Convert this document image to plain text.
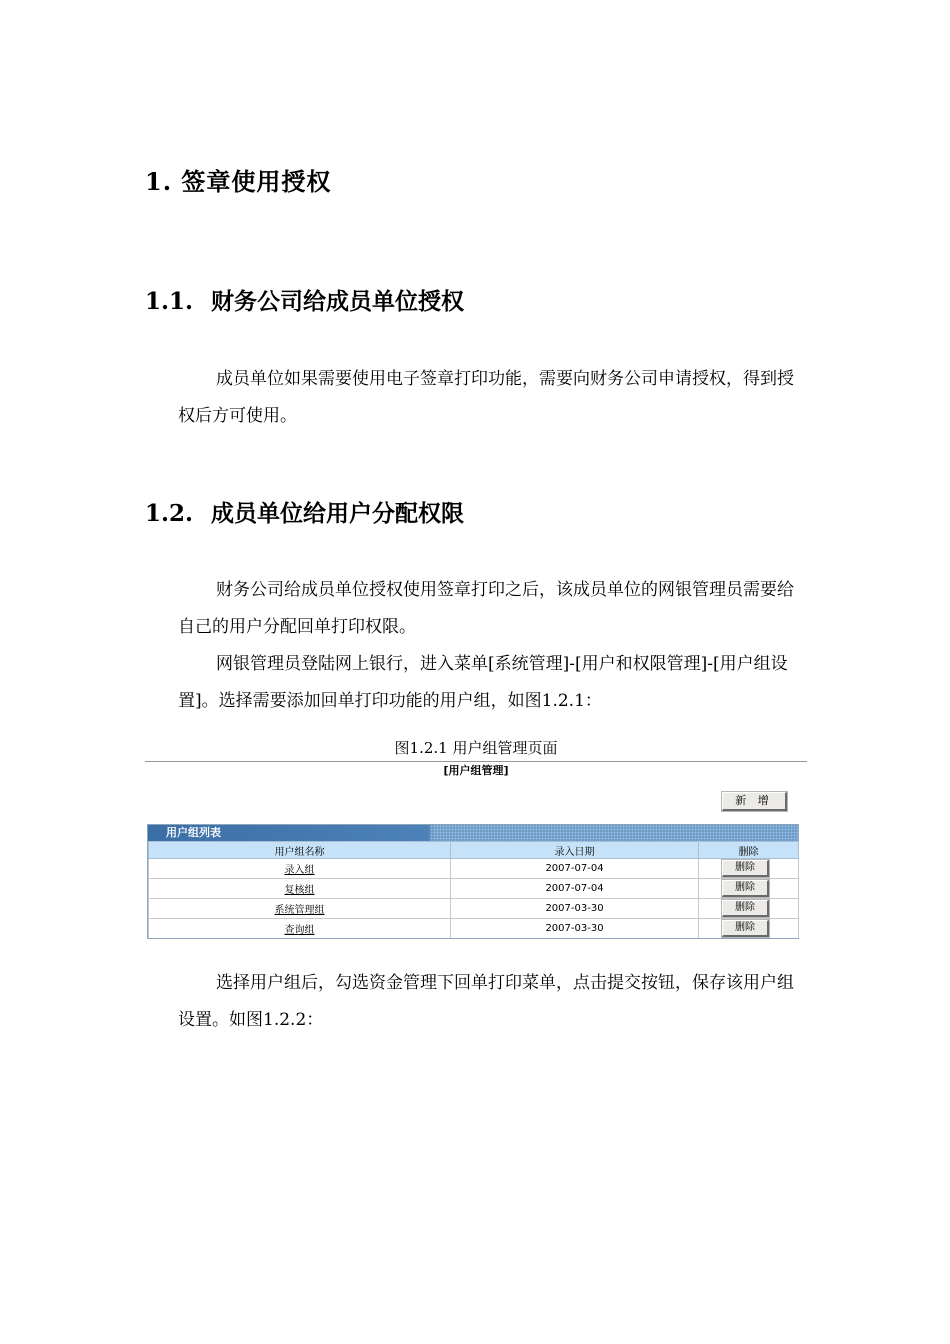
1. 签章使用授权
1.1. 财务公司给成员单位授权

成员单位如果需要使用电子签章打印功能，需要向财务公司申请授权，得到授权后方可使用。

1.2. 成员单位给用户分配权限

财务公司给成员单位授权使用签章打印之后，该成员单位的网银管理员需要给自己的用户分配回单打印权限。

网银管理员登陆网上银行，进入菜单[系统管理]-[用户和权限管理]-[用户组设置]。选择需要添加回单打印功能的用户组，如图1.2.1：

图1.2.1 用户组管理页面

[用户组管理]
新 增
用户组列表
用户组名称	录入日期	删除
录入组	2007-07-04	删除
复核组	2007-07-04	删除
系统管理组	2007-03-30	删除
查询组	2007-03-30	删除

选择用户组后，勾选资金管理下回单打印菜单，点击提交按钮，保存该用户组设置。如图1.2.2：
